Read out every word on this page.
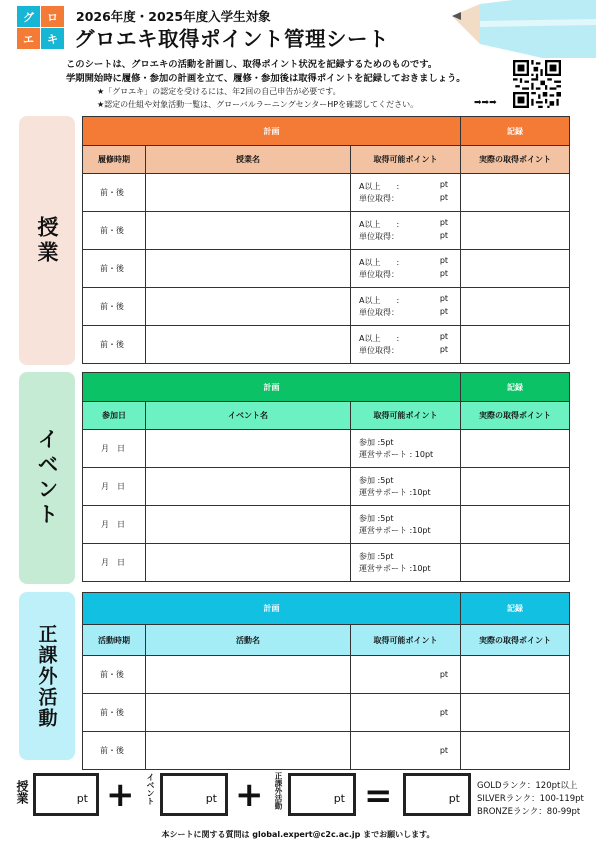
グ	ロ
エ	キ
2026年度・2025年度入学生対象
グロエキ取得ポイント管理シート
このシートは、グロエキの活動を計画し、取得ポイント状況を記録するためのものです。
学期開始時に履修・参加の計画を立て、履修・参加後は取得ポイントを記録しておきましょう。
★「グロエキ」の認定を受けるには、年2回の自己申告が必要です。
★認定の仕組や対象活動一覧は、グローバルラーニングセンターHPを確認してください。	➡➡➡
授業
イベント
正課外活動
計画			記録
履修時期	授業名	取得可能ポイント	実際の取得ポイント
前・後		A以上　　: pt

単位取得： pt	

前・後		A以上　　: pt

単位取得： pt	

前・後		A以上　　: pt

単位取得： pt	

前・後		A以上　　: pt

単位取得： pt	

前・後		A以上　　: pt

単位取得： pt	

計画			記録
参加日	イベント名	取得可能ポイント	実際の取得ポイント
月　日		参加 :5pt
運営サポート : 10pt	
月　日		参加 :5pt
運営サポート :10pt	
月　日		参加 :5pt
運営サポート :10pt	
月　日		参加 :5pt
運営サポート :10pt	
計画			記録
活動時期	活動名	取得可能ポイント	実際の取得ポイント
前・後		pt	
前・後		pt	
前・後		pt	
授業	pt + イベント	pt + 正課外活動	pt =	pt
GOLDランク：120pt以上
SILVERランク：100-119pt
BRONZEランク：80-99pt
本シートに関する質問は global.expert@c2c.ac.jp までお願いします。
